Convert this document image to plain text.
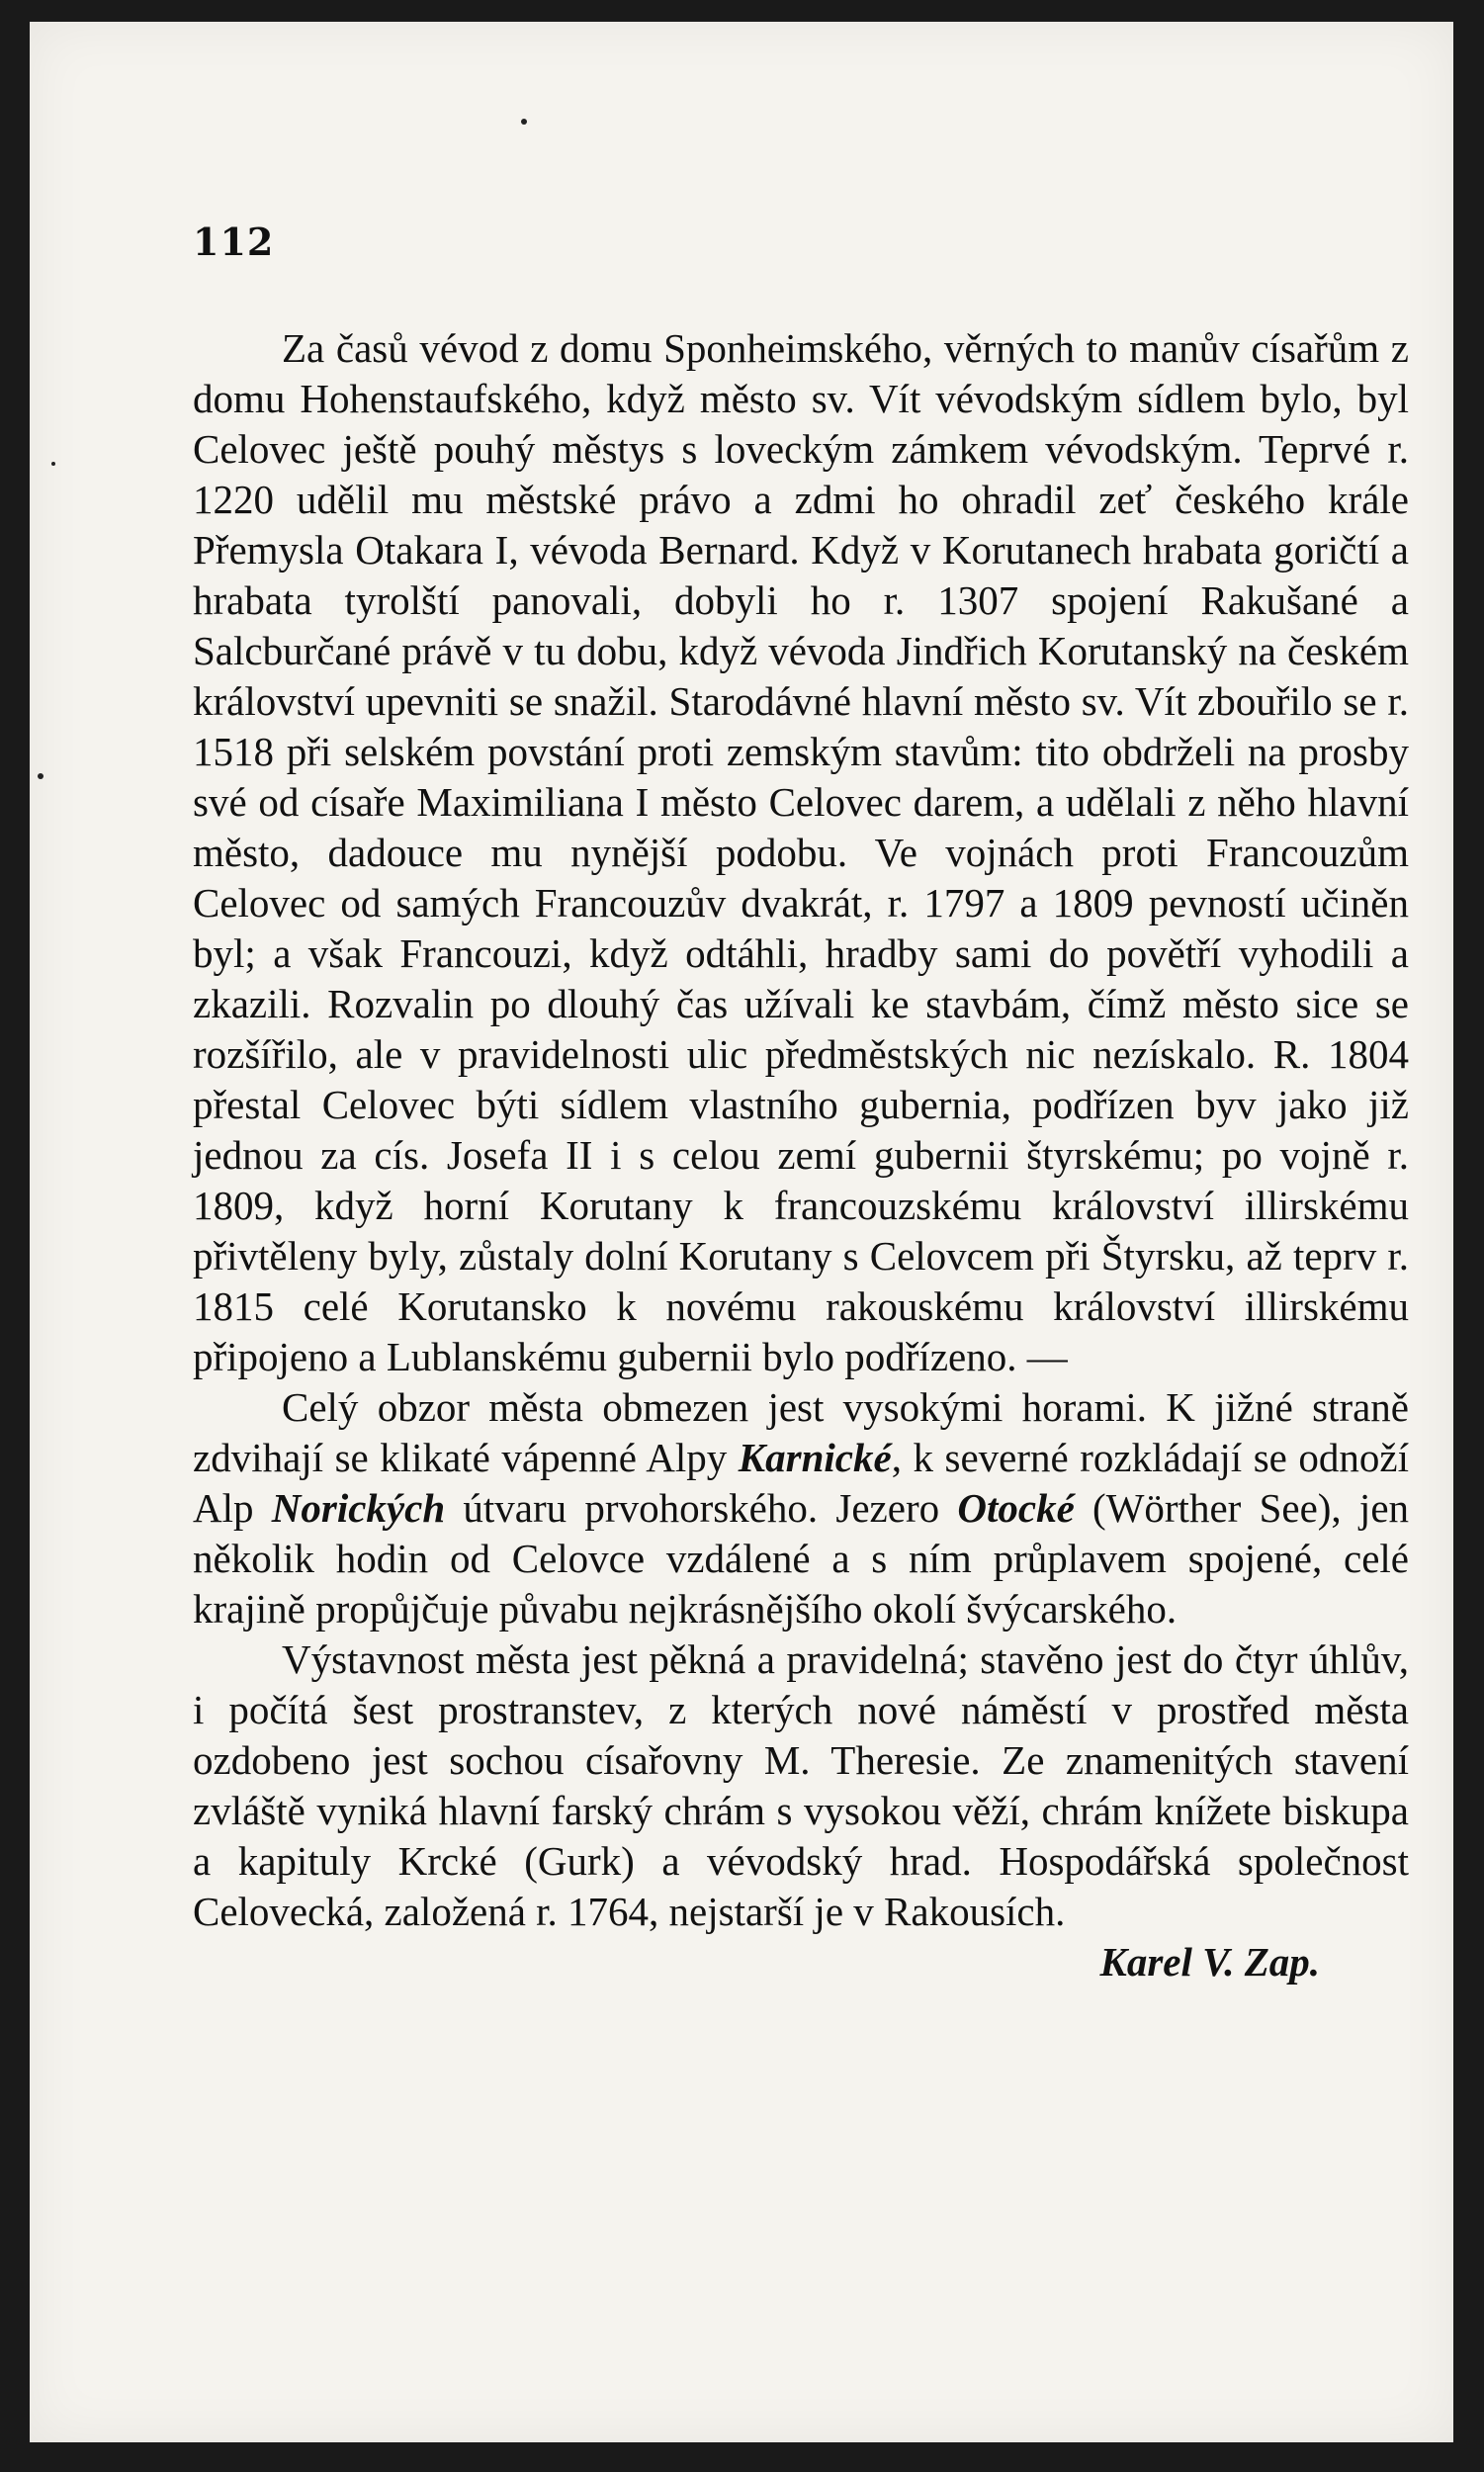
112

Za časů vévod z domu Sponheimského, věrných to manův císařům z domu Hohenstaufského, když město sv. Vít vévodským sídlem bylo, byl Celovec ještě pouhý městys s loveckým zámkem vévodským. Teprvé r. 1220 udělil mu městské právo a zdmi ho ohradil zeť českého krále Přemysla Otakara I, vévoda Bernard. Když v Korutanech hrabata goričtí a hrabata tyrolští panovali, dobyli ho r. 1307 spojení Rakušané a Salcburčané právě v tu dobu, když vévoda Jindřich Korutanský na českém království upevniti se snažil. Starodávné hlavní město sv. Vít zbouřilo se r. 1518 při selském povstání proti zemským stavům: tito obdrželi na prosby své od císaře Maximiliana I město Celovec darem, a udělali z něho hlavní město, dadouce mu nynější podobu. Ve vojnách proti Francouzům Celovec od samých Francouzův dvakrát, r. 1797 a 1809 pevností učiněn byl; a však Francouzi, když odtáhli, hradby sami do povětří vyhodili a zkazili. Rozvalin po dlouhý čas užívali ke stavbám, čímž město sice se rozšířilo, ale v pravidelnosti ulic předměstských nic nezískalo. R. 1804 přestal Celovec býti sídlem vlastního gubernia, podřízen byv jako již jednou za cís. Josefa II i s celou zemí gubernii štyrskému; po vojně r. 1809, když horní Korutany k francouzskému království illirskému přivtěleny byly, zůstaly dolní Korutany s Celovcem při Štyrsku, až teprv r. 1815 celé Korutansko k novému rakouskému království illirskému připojeno a Lublanskému gubernii bylo podřízeno. —

Celý obzor města obmezen jest vysokými horami. K jižné straně zdvihají se klikaté vápenné Alpy Karnické, k severné rozkládají se odnoží Alp Norických útvaru prvohorského. Jezero Otocké (Wörther See), jen několik hodin od Celovce vzdálené a s ním průplavem spojené, celé krajině propůjčuje půvabu nejkrásnějšího okolí švýcarského.

Výstavnost města jest pěkná a pravidelná; stavěno jest do čtyr úhlův, i počítá šest prostranstev, z kterých nové náměstí v prostřed města ozdobeno jest sochou císařovny M. Theresie. Ze znamenitých stavení zvláště vyniká hlavní farský chrám s vysokou věží, chrám knížete biskupa a kapituly Krcké (Gurk) a vévodský hrad. Hospodářská společnost Celovecká, založená r. 1764, nejstarší je v Rakousích.
Karel V. Zap.
